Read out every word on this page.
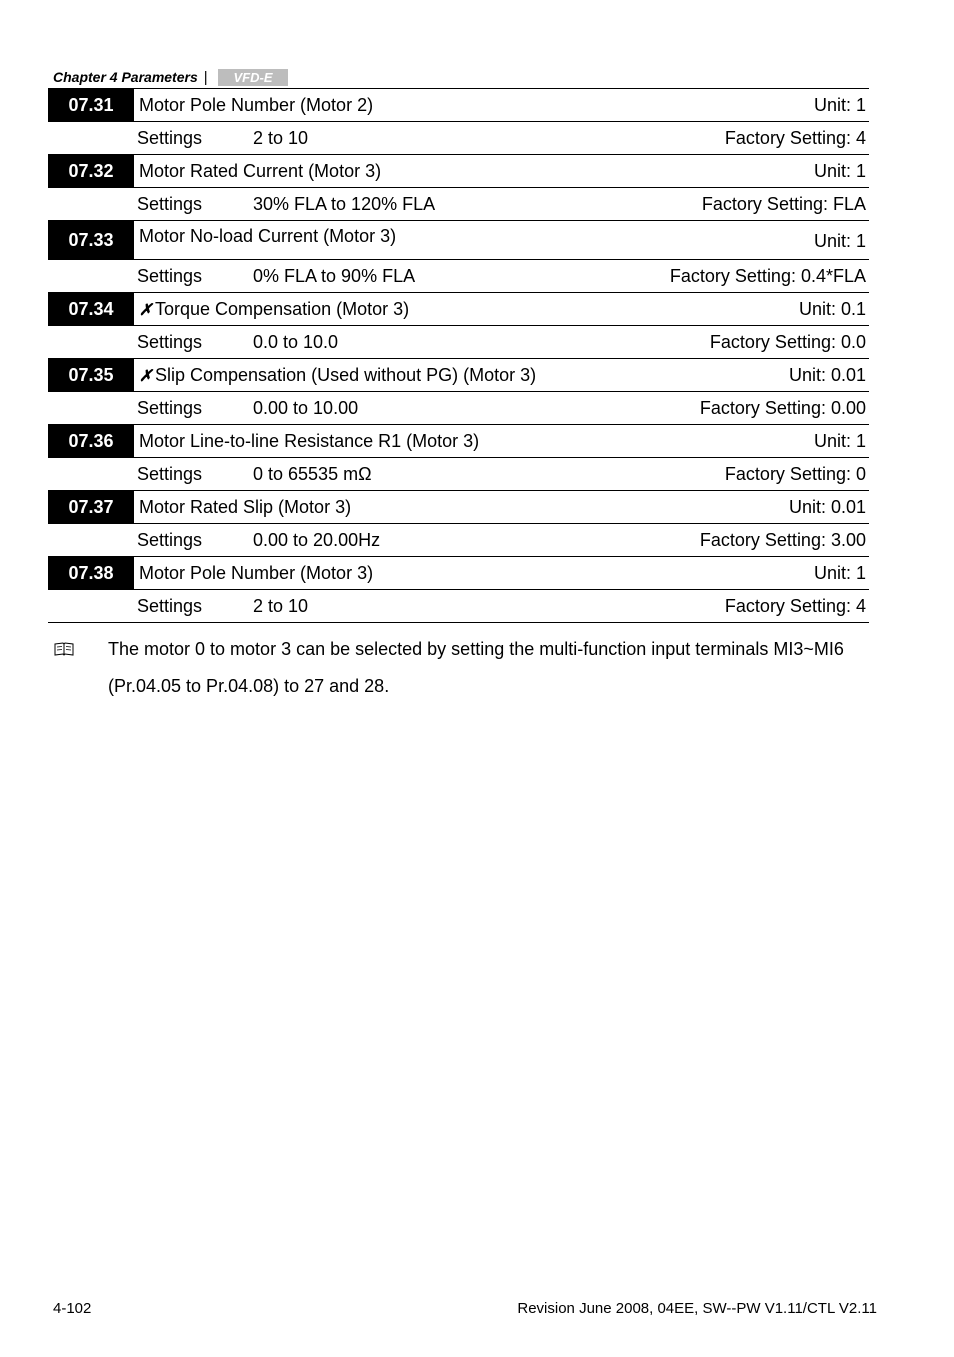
Chapter 4 Parameters | VFD-E
07.31	Motor Pole Number (Motor 2)	Unit: 1
Settings	2 to 10	Factory Setting: 4
07.32	Motor Rated Current (Motor 3)	Unit: 1
Settings	30% FLA to 120% FLA	Factory Setting: FLA
07.33	Motor No-load Current (Motor 3)	Unit: 1
Settings	0% FLA to 90% FLA	Factory Setting: 0.4*FLA
07.34	✗ Torque Compensation (Motor 3)	Unit: 0.1
Settings	0.0 to 10.0	Factory Setting: 0.0
07.35	✗ Slip Compensation (Used without PG) (Motor 3)	Unit: 0.01
Settings	0.00 to 10.00	Factory Setting: 0.00
07.36	Motor Line-to-line Resistance R1 (Motor 3)	Unit: 1
Settings	0 to 65535 mΩ	Factory Setting: 0
07.37	Motor Rated Slip (Motor 3)	Unit: 0.01
Settings	0.00 to 20.00Hz	Factory Setting: 3.00
07.38	Motor Pole Number (Motor 3)	Unit: 1
Settings	2 to 10	Factory Setting: 4
The motor 0 to motor 3 can be selected by setting the multi-function input terminals MI3~MI6
(Pr.04.05 to Pr.04.08) to 27 and 28.
4-102	Revision June 2008, 04EE, SW--PW V1.11/CTL V2.11
